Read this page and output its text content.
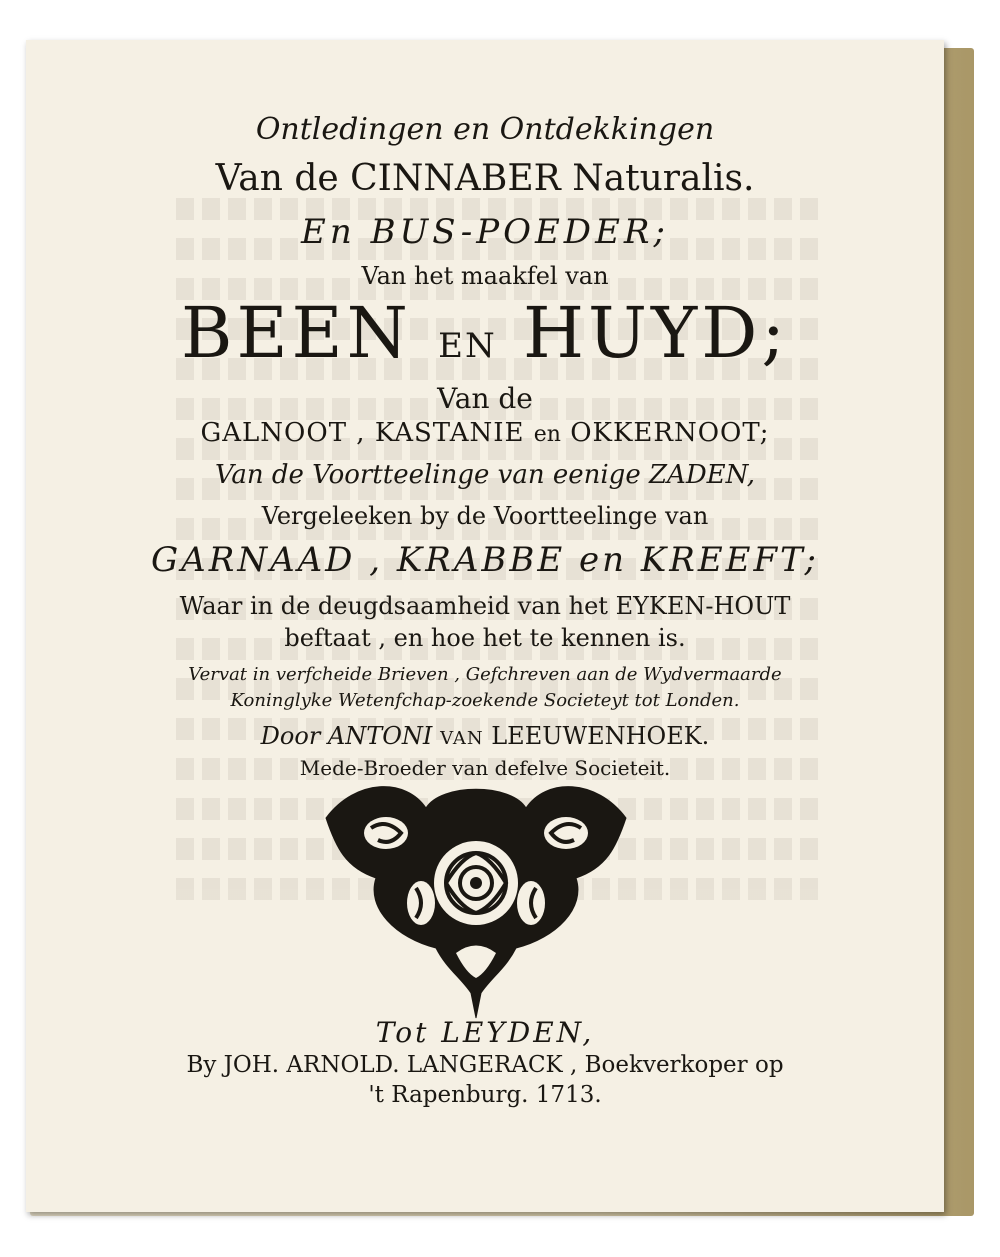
Ontledingen en Ontdekkingen
Van de CINNABER Naturalis.
En BUS-POEDER;
Van het maakfel van
BEEN EN HUYD;
Van de
GALNOOT , KASTANIE en OKKERNOOT;
Van de Voortteelinge van eenige ZADEN,
Vergeleeken by de Voortteelinge van
GARNAAD , KRABBE en KREEFT;
Waar in de deugdsaamheid van het EYKEN-HOUT
beftaat , en hoe het te kennen is.
Vervat in verfcheide Brieven , Gefchreven aan de Wydvermaarde
Koninglyke Wetenfchap-zoekende Societeyt tot Londen.
Door ANTONI VAN LEEUWENHOEK.
Mede-Broeder van defelve Societeit.
Tot LEYDEN,
By JOH. ARNOLD. LANGERACK , Boekverkoper op
't Rapenburg. 1713.
